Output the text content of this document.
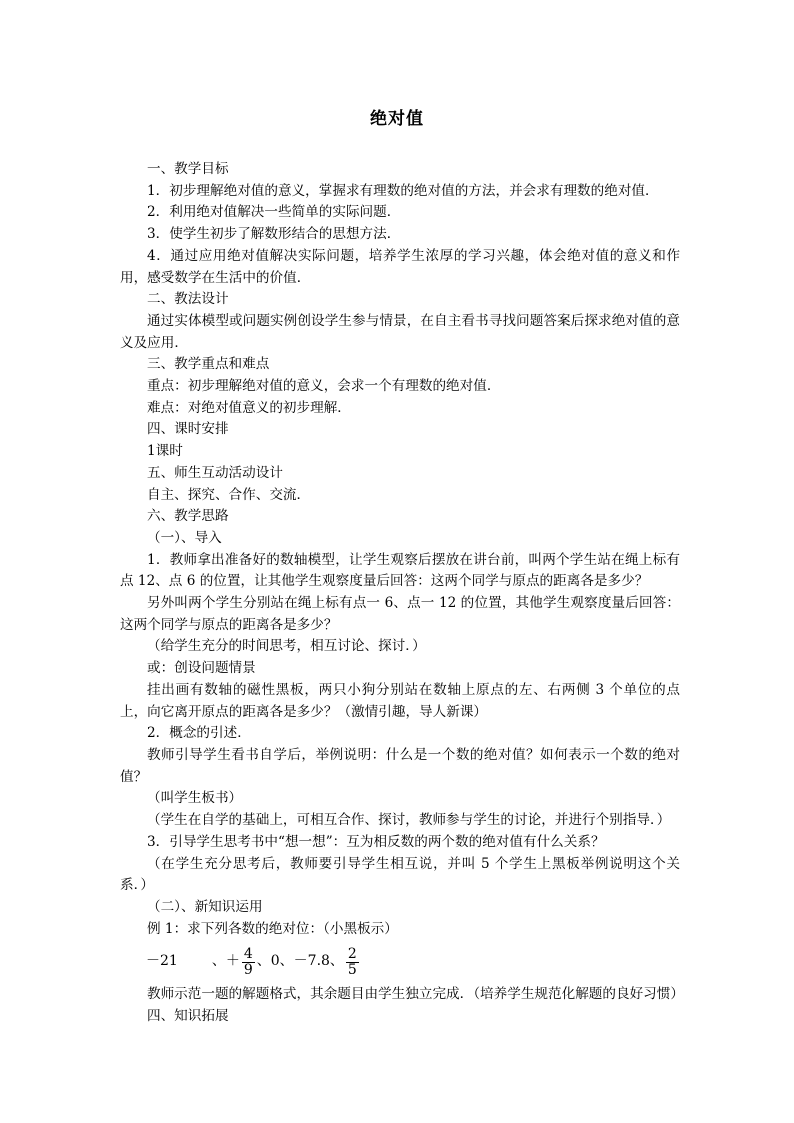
绝对值

一、教学目标

1．初步理解绝对值的意义，掌握求有理数的绝对值的方法，并会求有理数的绝对值．

2．利用绝对值解决一些简单的实际问题．

3．使学生初步了解数形结合的思想方法．

4．通过应用绝对值解决实际问题，培养学生浓厚的学习兴趣，体会绝对值的意义和作用，感受数学在生活中的价值．

二、教法设计

通过实体模型或问题实例创设学生参与情景，在自主看书寻找问题答案后探求绝对值的意义及应用．

三、教学重点和难点

重点：初步理解绝对值的意义，会求一个有理数的绝对值．

难点：对绝对值意义的初步理解．

四、课时安排

1课时

五、师生互动活动设计

自主、探究、合作、交流．

六、教学思路

（一）、导入

1．教师拿出准备好的数轴模型，让学生观察后摆放在讲台前，叫两个学生站在绳上标有点 12、点 6 的位置，让其他学生观察度量后回答：这两个同学与原点的距离各是多少？

另外叫两个学生分别站在绳上标有点一 6、点一 12 的位置，其他学生观察度量后回答：这两个同学与原点的距离各是多少？

（给学生充分的时间思考，相互讨论、探讨．）

或：创设问题情景

挂出画有数轴的磁性黑板，两只小狗分别站在数轴上原点的左、右两侧 3 个单位的点上，向它离开原点的距离各是多少？（激情引趣，导人新课）

2．概念的引述．

教师引导学生看书自学后，举例说明：什么是一个数的绝对值？如何表示一个数的绝对值？

（叫学生板书）

（学生在自学的基础上，可相互合作、探讨，教师参与学生的讨论，并进行个别指导．）

3．引导学生思考书中“想一想”：互为相反数的两个数的绝对值有什么关系？

（在学生充分思考后，教师要引导学生相互说，并叫 5 个学生上黑板举例说明这个关系．）

（二）、新知识运用

例 1：求下列各数的绝对位：（小黑板示）

－21 、＋ $\frac{4}{9}$ 、0、－7.8、 $\frac{2}{5}$

教师示范一题的解题格式，其余题目由学生独立完成．（培养学生规范化解题的良好习惯）

四、知识拓展
